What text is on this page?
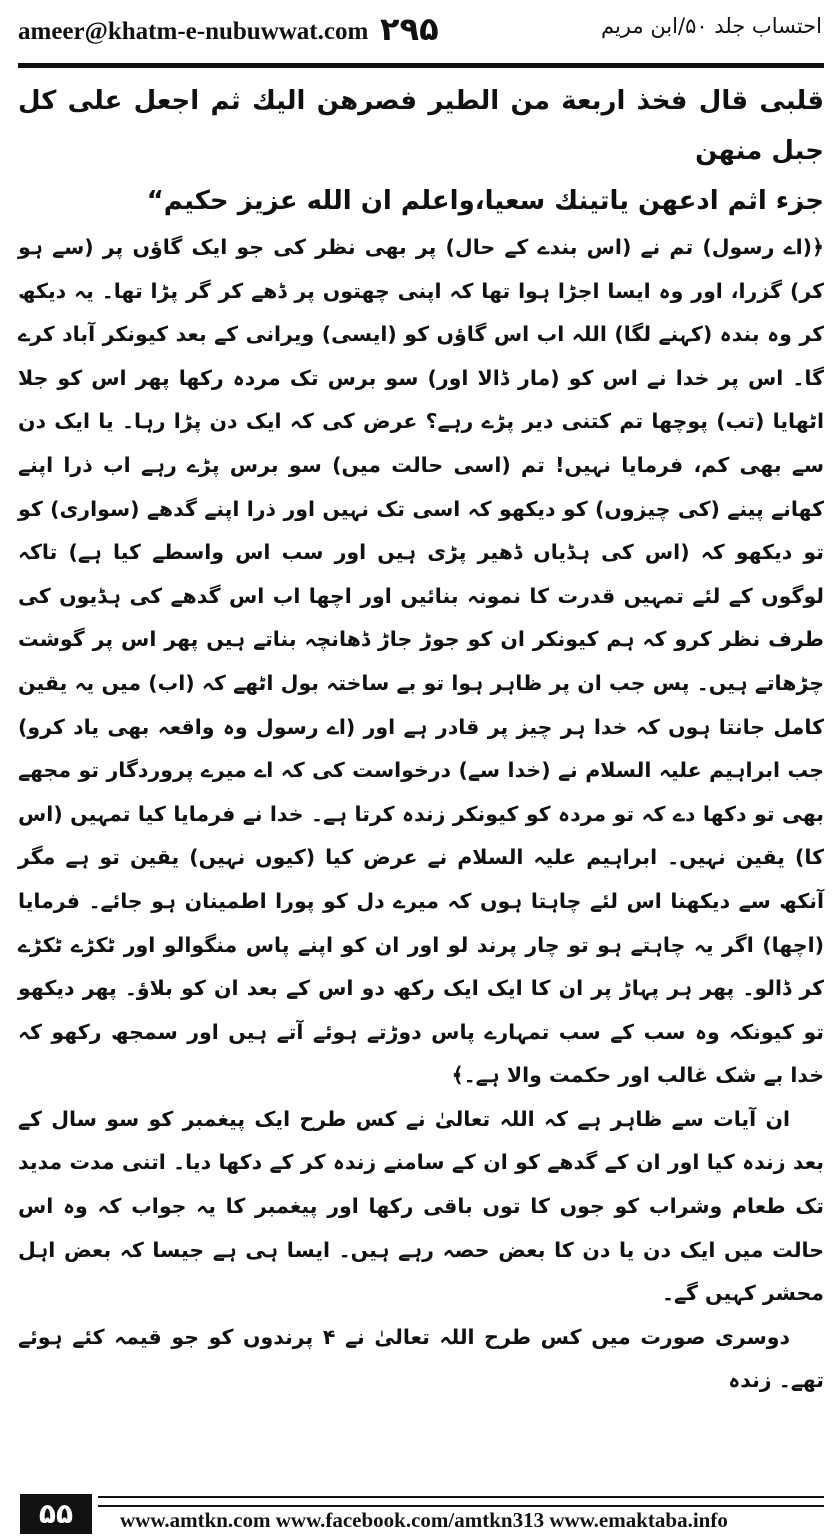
ameer@khatm-e-nubuwwat.com ۲۹۵	احتساب جلد ۵۰/ابن مریم

قلبی قال فخذ اربعة من الطير فصرهن اليك ثم اجعل على كل جبل منهن

جزء اثم ادعهن ياتينك سعيا،واعلم ان الله عزيز حكيم“

﴿(اے رسول) تم نے (اس بندے کے حال) پر بھی نظر کی جو ایک گاؤں پر (سے ہو کر) گزرا، اور وہ ایسا اجڑا ہوا تھا کہ اپنی چھتوں پر ڈھے کر گر پڑا تھا۔ یہ دیکھ کر وہ بندہ (کہنے لگا) اللہ اب اس گاؤں کو (ایسی) ویرانی کے بعد کیونکر آباد کرے گا۔ اس پر خدا نے اس کو (مار ڈالا اور) سو برس تک مردہ رکھا پھر اس کو جلا اٹھایا (تب) پوچھا تم کتنی دیر پڑے رہے؟ عرض کی کہ ایک دن پڑا رہا۔ یا ایک دن سے بھی کم، فرمایا نہیں! تم (اسی حالت میں) سو برس پڑے رہے اب ذرا اپنے کھانے پینے (کی چیزوں) کو دیکھو کہ اسی تک نہیں اور ذرا اپنے گدھے (سواری) کو تو دیکھو کہ (اس کی ہڈیاں ڈھیر پڑی ہیں اور سب اس واسطے کیا ہے) تاکہ لوگوں کے لئے تمہیں قدرت کا نمونہ بنائیں اور اچھا اب اس گدھے کی ہڈیوں کی طرف نظر کرو کہ ہم کیونکر ان کو جوڑ جاڑ ڈھانچہ بناتے ہیں پھر اس پر گوشت چڑھاتے ہیں۔ پس جب ان پر ظاہر ہوا تو بے ساختہ بول اٹھے کہ (اب) میں یہ یقین کامل جانتا ہوں کہ خدا ہر چیز پر قادر ہے اور (اے رسول وہ واقعہ بھی یاد کرو) جب ابراہیم علیہ السلام نے (خدا سے) درخواست کی کہ اے میرے پروردگار تو مجھے بھی تو دکھا دے کہ تو مردہ کو کیونکر زندہ کرتا ہے۔ خدا نے فرمایا کیا تمہیں (اس کا) یقین نہیں۔ ابراہیم علیہ السلام نے عرض کیا (کیوں نہیں) یقین تو ہے مگر آنکھ سے دیکھنا اس لئے چاہتا ہوں کہ میرے دل کو پورا اطمینان ہو جائے۔ فرمایا (اچھا) اگر یہ چاہتے ہو تو چار پرند لو اور ان کو اپنے پاس منگوالو اور ٹکڑے ٹکڑے کر ڈالو۔ پھر ہر پہاڑ پر ان کا ایک ایک رکھ دو اس کے بعد ان کو بلاؤ۔ پھر دیکھو تو کیونکہ وہ سب کے سب تمہارے پاس دوڑتے ہوئے آتے ہیں اور سمجھ رکھو کہ خدا بے شک غالب اور حکمت والا ہے۔﴾

ان آیات سے ظاہر ہے کہ اللہ تعالیٰ نے کس طرح ایک پیغمبر کو سو سال کے بعد زندہ کیا اور ان کے گدھے کو ان کے سامنے زندہ کر کے دکھا دیا۔ اتنی مدت مدید تک طعام وشراب کو جوں کا توں باقی رکھا اور پیغمبر کا یہ جواب کہ وہ اس حالت میں ایک دن یا دن کا بعض حصہ رہے ہیں۔ ایسا ہی ہے جیسا کہ بعض اہل محشر کہیں گے۔

دوسری صورت میں کس طرح اللہ تعالیٰ نے ۴ پرندوں کو جو قیمہ کئے ہوئے تھے۔ زندہ

۵۵	www.amtkn.com www.facebook.com/amtkn313 www.emaktaba.info
